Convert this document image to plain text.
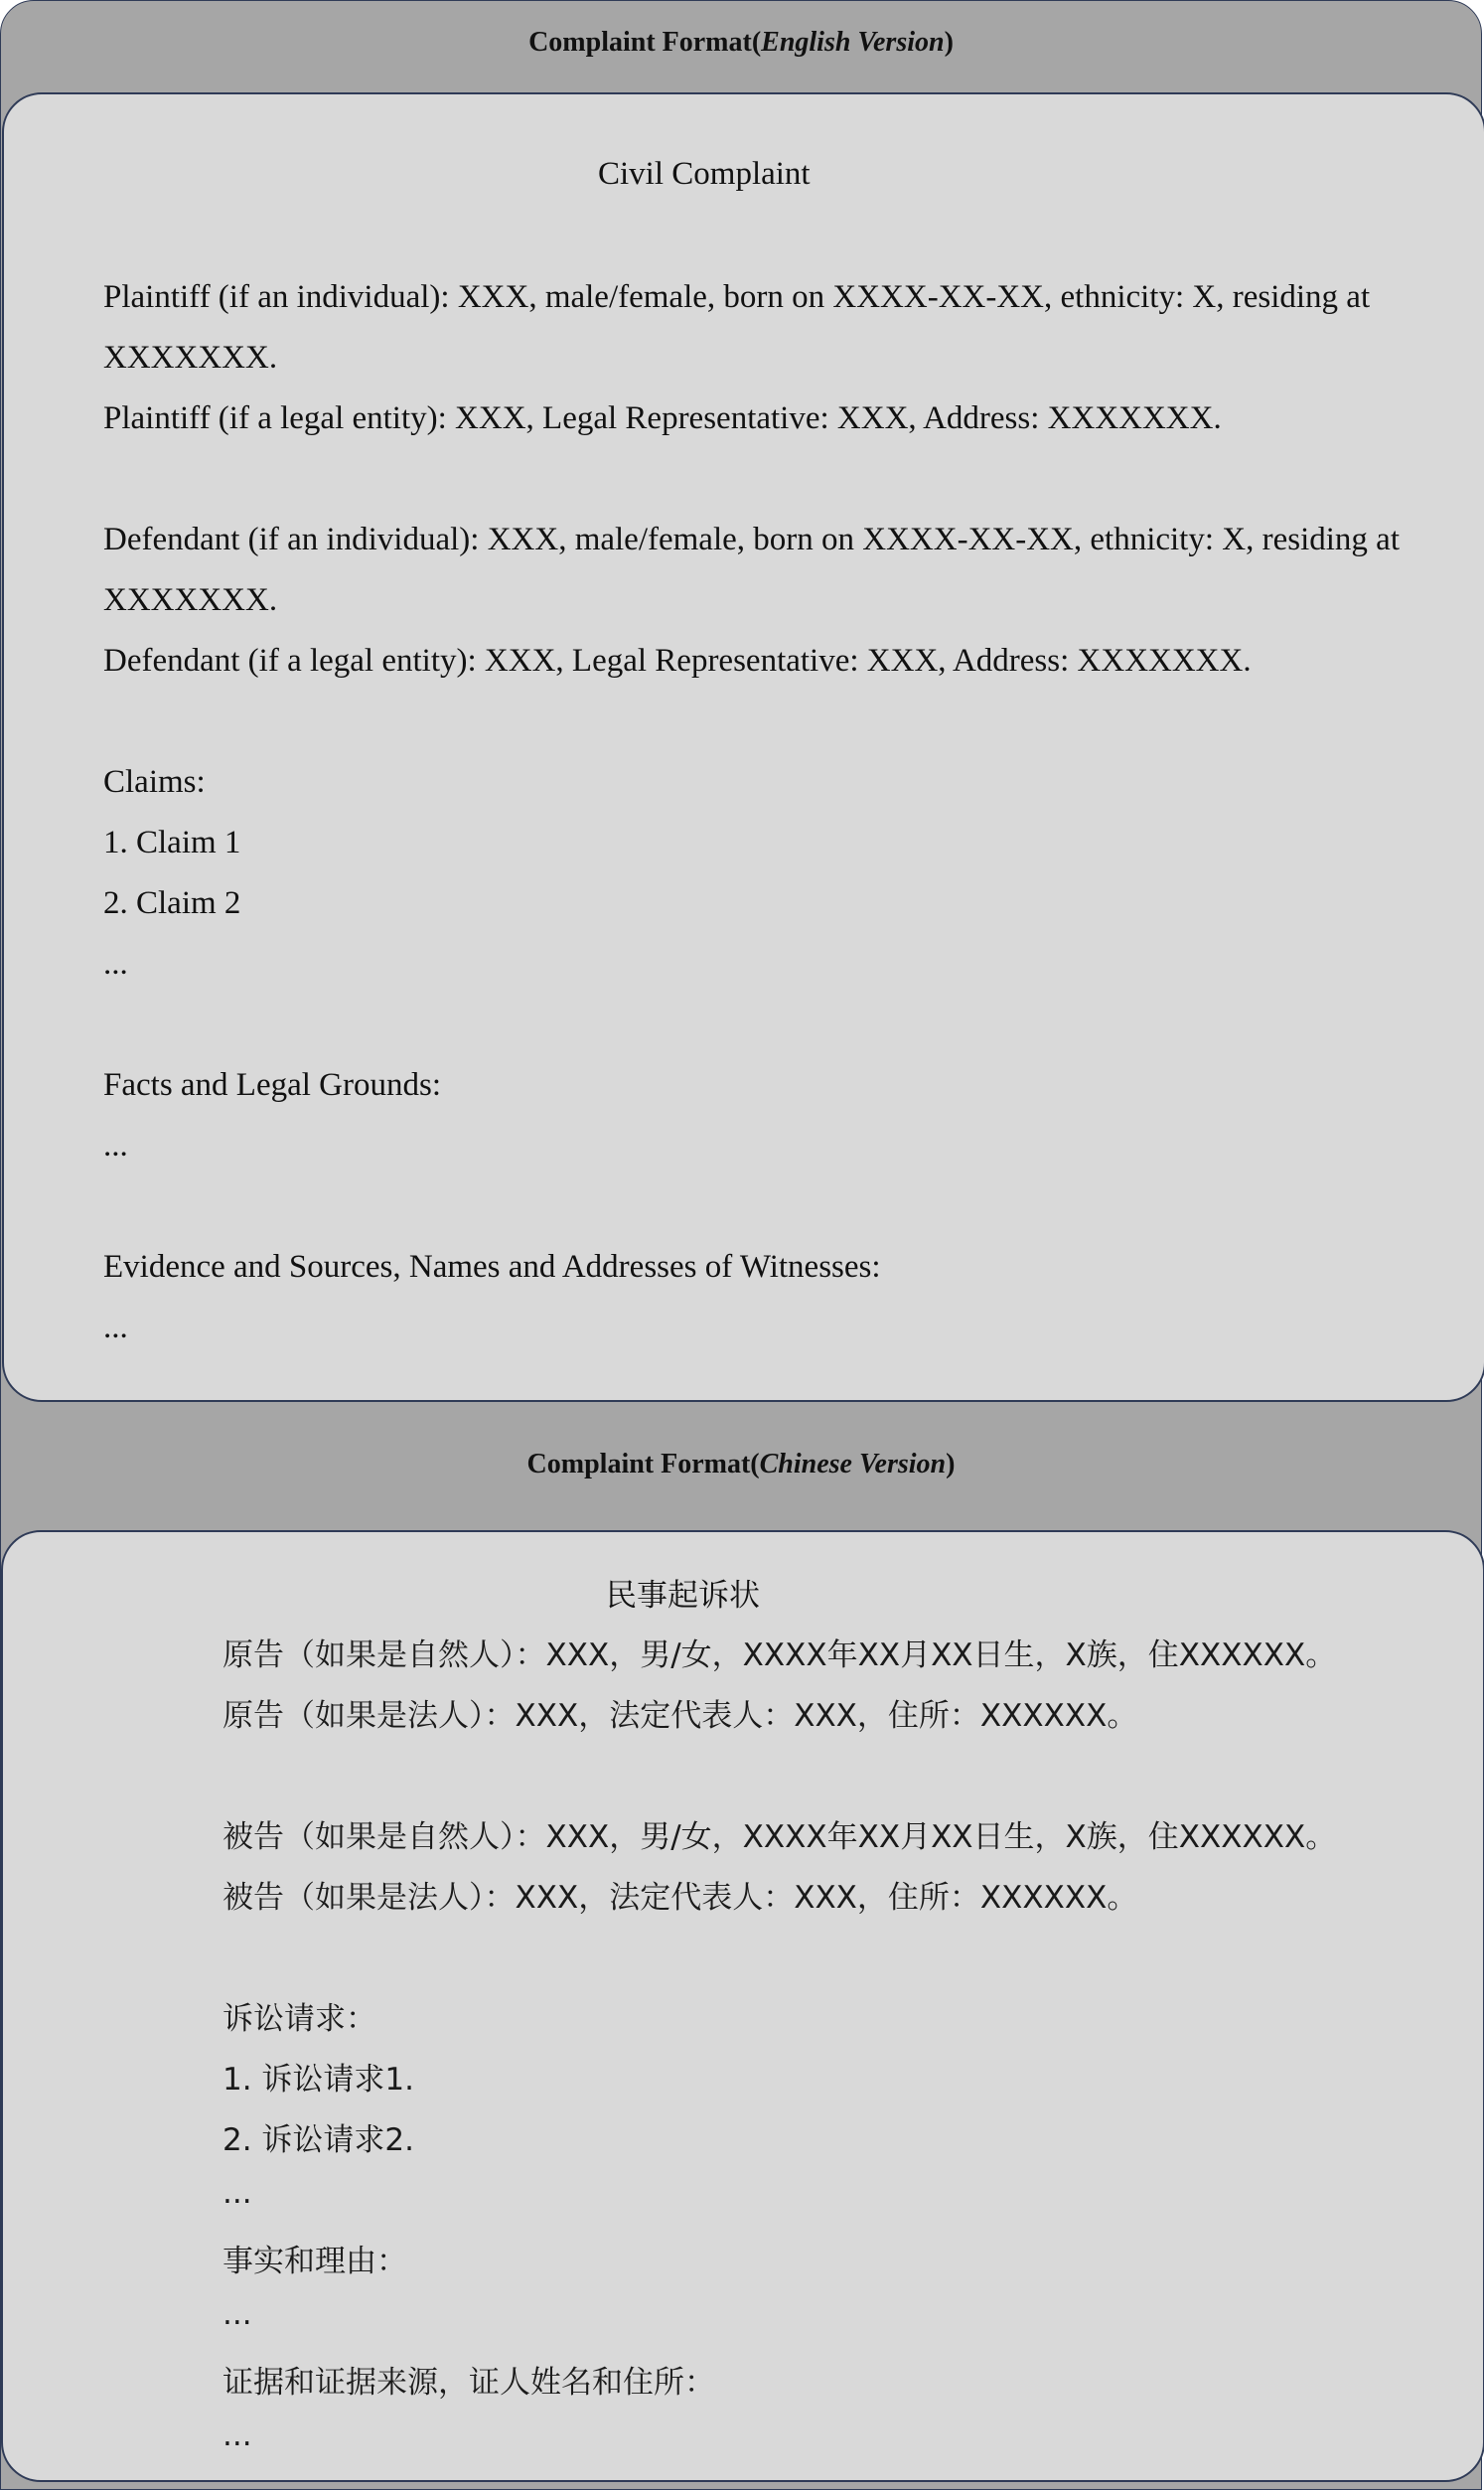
Complaint Format(English Version)
Civil Complaint
Plaintiff (if an individual): XXX, male/female, born on XXXX-XX-XX, ethnicity: X, residing at
XXXXXXX.
Plaintiff (if a legal entity): XXX, Legal Representative: XXX, Address: XXXXXXX.
Defendant (if an individual): XXX, male/female, born on XXXX-XX-XX, ethnicity: X, residing at
XXXXXXX.
Defendant (if a legal entity): XXX, Legal Representative: XXX, Address: XXXXXXX.
Claims:
1. Claim 1
2. Claim 2
...
Facts and Legal Grounds:
...
Evidence and Sources, Names and Addresses of Witnesses:
...
Complaint Format(Chinese Version)
民事起诉状
原告（如果是自然人）：XXX，男/女，XXXX年XX月XX日生，X族，住XXXXXX。
原告（如果是法人）：XXX，法定代表人：XXX，住所：XXXXXX。
被告（如果是自然人）：XXX，男/女，XXXX年XX月XX日生，X族，住XXXXXX。
被告（如果是法人）：XXX，法定代表人：XXX，住所：XXXXXX。
诉讼请求：
1. 诉讼请求1.
2. 诉讼请求2.
...
事实和理由：
...
证据和证据来源，证人姓名和住所：
...
